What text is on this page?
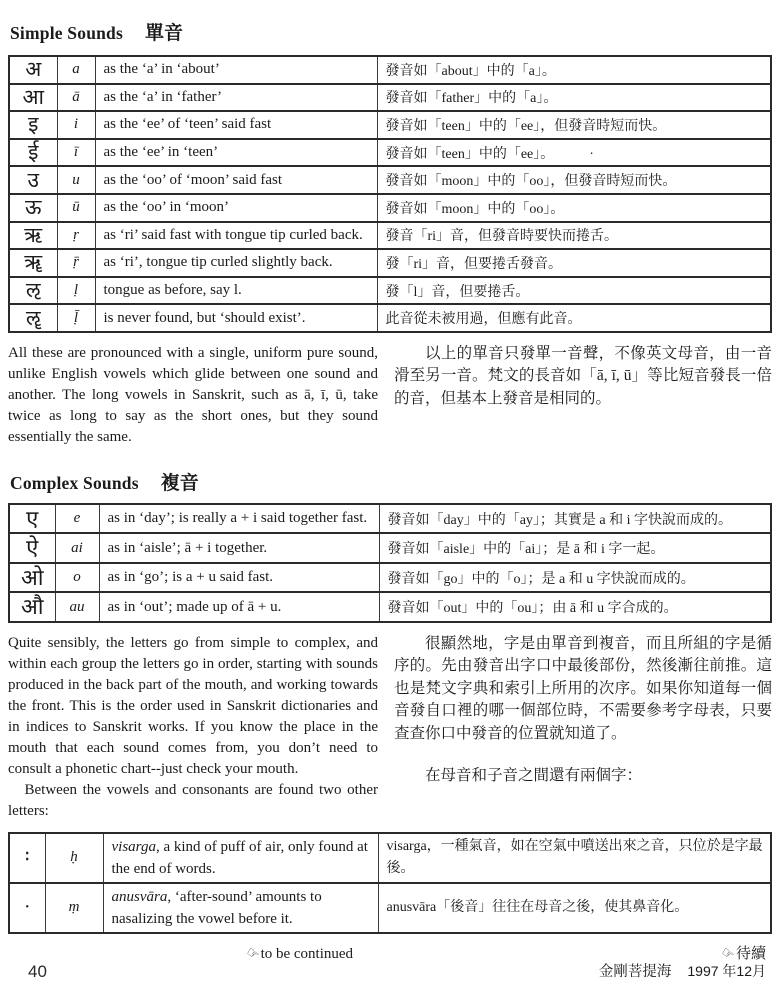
Simple Sounds 單音
अ	a	as the ‘a’ in ‘about’	發音如「about」中的「a」。
आ	ā	as the ‘a’ in ‘father’	發音如「father」中的「a」。
इ	i	as the ‘ee’ of ‘teen’ said fast	發音如「teen」中的「ee」，但發音時短而快。
ई	ī	as the ‘ee’ in ‘teen’	發音如「teen」中的「ee」。　　　·
उ	u	as the ‘oo’ of ‘moon’ said fast	發音如「moon」中的「oo」，但發音時短而快。
ऊ	ū	as the ‘oo’ in ‘moon’	發音如「moon」中的「oo」。
ऋ	ṛ	as ‘ri’ said fast with tongue tip curled back.	發音「ri」音，但發音時要快而捲舌。
ॠ	ṝ	as ‘ri’, tongue tip curled slightly back.	發「ri」音，但要捲舌發音。
ऌ	ḷ	tongue as before, say l.	發「l」音，但要捲舌。
ॡ	ḹ	is never found, but ‘should exist’.	此音從未被用過，但應有此音。

All these are pronounced with a single, uniform pure sound, unlike English vowels which glide between one sound and another. The long vowels in Sanskrit, such as ā, ī, ū, take twice as long to say as the short ones, but they sound essentially the same.

以上的單音只發單一音聲，不像英文母音，由一音滑至另一音。梵文的長音如「ā, ī, ū」等比短音發長一倍的音，但基本上發音是相同的。

Complex Sounds 複音
ए	e	as in ‘day’; is really a + i said together fast.	發音如「day」中的「ay」；其實是 a 和 i 字快說而成的。
ऐ	ai	as in ‘aisle’; ā + i together.	發音如「aisle」中的「ai」；是 ā 和 i 字一起。
ओ	o	as in ‘go’; is a + u said fast.	發音如「go」中的「o」；是 a 和 u 字快說而成的。
औ	au	as in ‘out’; made up of ā + u.	發音如「out」中的「ou」；由 ā 和 u 字合成的。

Quite sensibly, the letters go from simple to complex, and within each group the letters go in order, starting with sounds produced in the back part of the mouth, and working towards the front. This is the order used in Sanskrit dictionaries and in indices to Sanskrit works. If you know the place in the mouth that each sound comes from, you don’t need to consult a phonetic chart--just check your mouth.

Between the vowels and consonants are found two other letters:

很顯然地，字是由單音到複音，而且所組的字是循序的。先由發音出字口中最後部份，然後漸往前推。這也是梵文字典和索引上所用的次序。如果你知道每一個音發自口裡的哪一個部位時，不需要參考字母表，只要查查你口中發音的位置就知道了。

在母音和子音之間還有兩個字：

∶	ḥ	visarga, a kind of puff of air, only found at the end of words.	visarga，一種氣音，如在空氣中噴送出來之音，只位於是字最後。
·	ṃ	anusvāra, ‘after-sound’ amounts to nasalizing the vowel before it.	anusvāra「後音」往往在母音之後，使其鼻音化。
☞to be continued	☞待續
40	金剛菩提海 1997 年12月
